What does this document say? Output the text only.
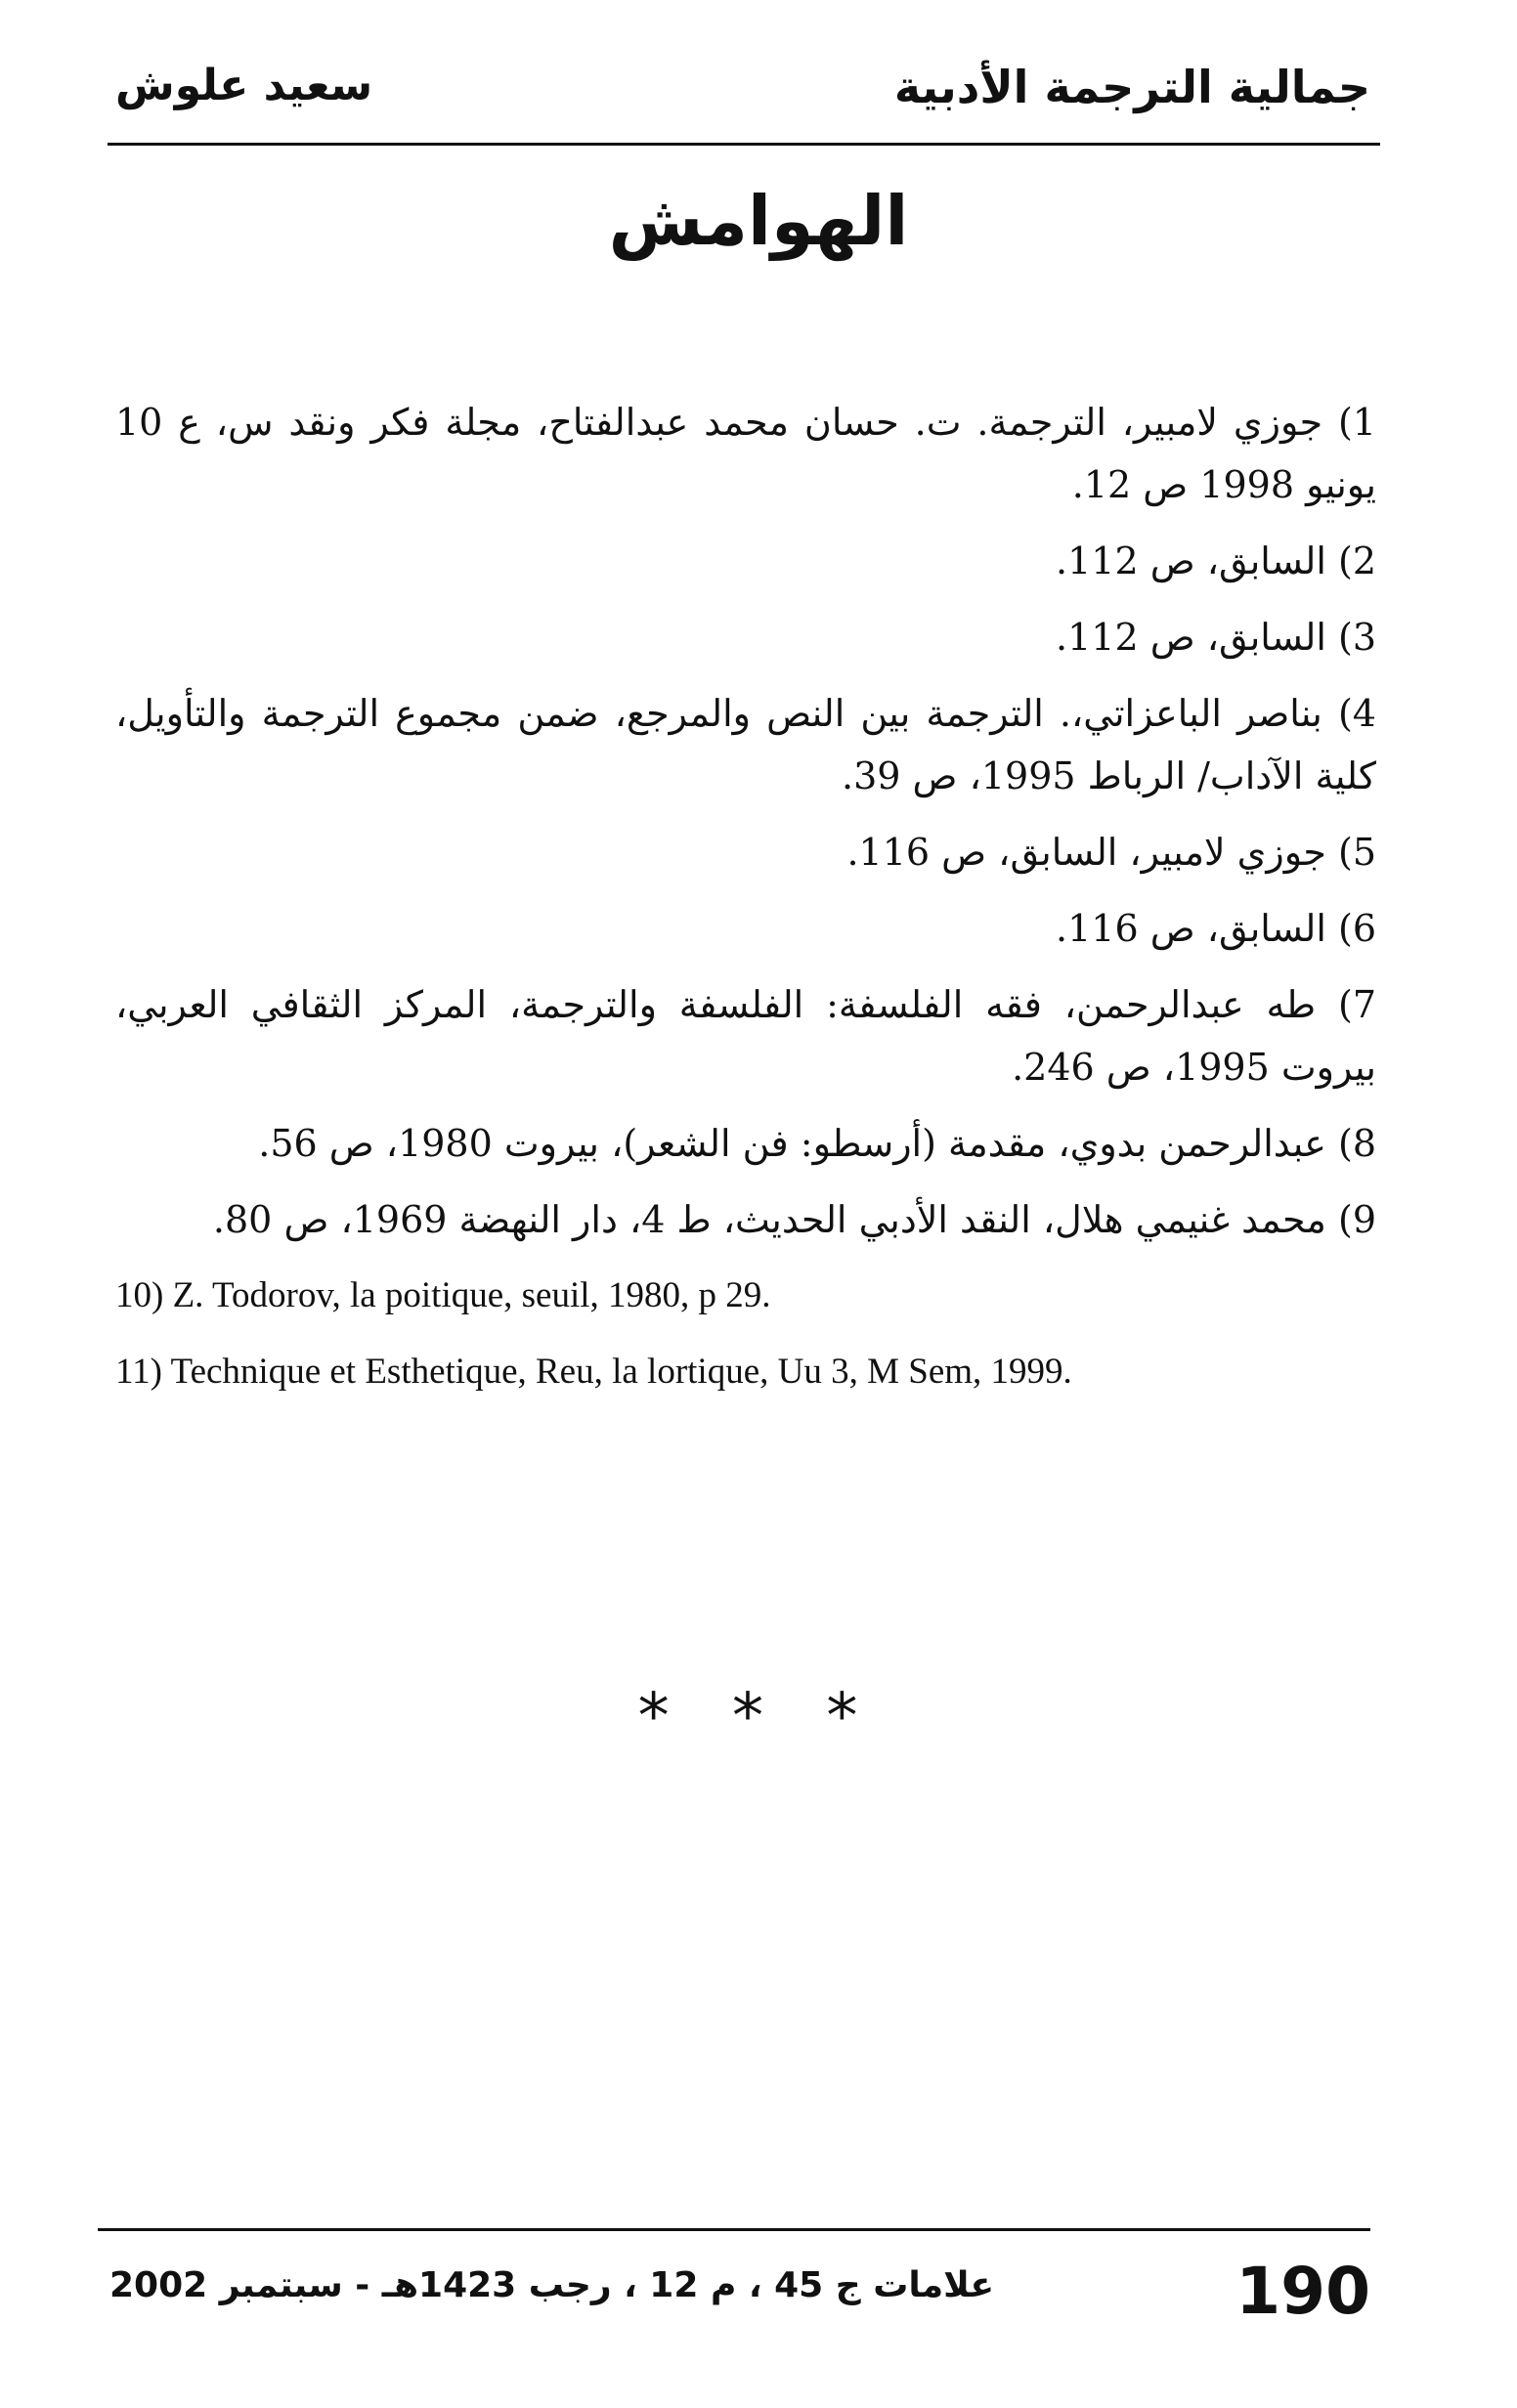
جمالية الترجمة الأدبية
سعيد علوش
الهوامش
1) جوزي لامبير، الترجمة. ت. حسان محمد عبدالفتاح، مجلة فكر ونقد س، ع 10 يونيو 1998 ص 12.
2) السابق، ص 112.
3) السابق، ص 112.
4) بناصر الباعزاتي،. الترجمة بين النص والمرجع، ضمن مجموع الترجمة والتأويل، كلية الآداب/ الرباط 1995، ص 39.
5) جوزي لامبير، السابق، ص 116.
6) السابق، ص 116.
7) طه عبدالرحمن، فقه الفلسفة: الفلسفة والترجمة، المركز الثقافي العربي، بيروت 1995، ص 246.
8) عبدالرحمن بدوي، مقدمة (أرسطو: فن الشعر)، بيروت 1980، ص 56.
9) محمد غنيمي هلال، النقد الأدبي الحديث، ط 4، دار النهضة 1969، ص 80.
10) Z. Todorov, la poitique, seuil, 1980, p 29.
11) Technique et Esthetique, Reu, la lortique, Uu 3, M Sem, 1999.
* * *
190
علامات ج 45 ، م 12 ، رجب 1423هـ - سبتمبر 2002
